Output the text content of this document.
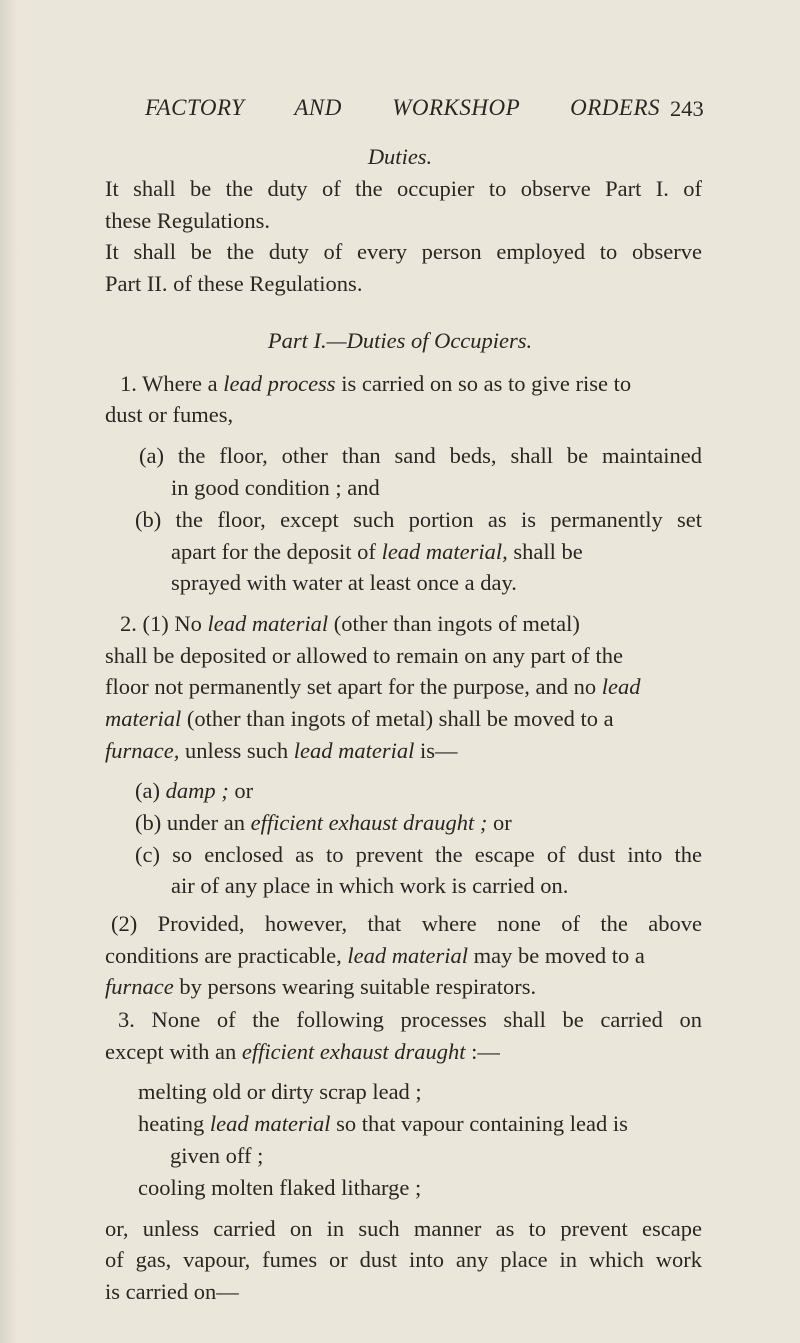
FACTORY AND WORKSHOP ORDERS 243
Duties.
It shall be the duty of the occupier to observe Part I. of
these Regulations.
It shall be the duty of every person employed to observe
Part II. of these Regulations.
Part I.—Duties of Occupiers.
1. Where a lead process is carried on so as to give rise to
dust or fumes,
(a) the floor, other than sand beds, shall be maintained
in good condition ; and
(b) the floor, except such portion as is permanently set
apart for the deposit of lead material, shall be
sprayed with water at least once a day.
2. (1) No lead material (other than ingots of metal)
shall be deposited or allowed to remain on any part of the
floor not permanently set apart for the purpose, and no lead
material (other than ingots of metal) shall be moved to a
furnace, unless such lead material is—
(a) damp ; or
(b) under an efficient exhaust draught ; or
(c) so enclosed as to prevent the escape of dust into the
air of any place in which work is carried on.
(2) Provided, however, that where none of the above
conditions are practicable, lead material may be moved to a
furnace by persons wearing suitable respirators.
3. None of the following processes shall be carried on
except with an efficient exhaust draught :—
melting old or dirty scrap lead ;
heating lead material so that vapour containing lead is
given off ;
cooling molten flaked litharge ;
or, unless carried on in such manner as to prevent escape
of gas, vapour, fumes or dust into any place in which work
is carried on—
